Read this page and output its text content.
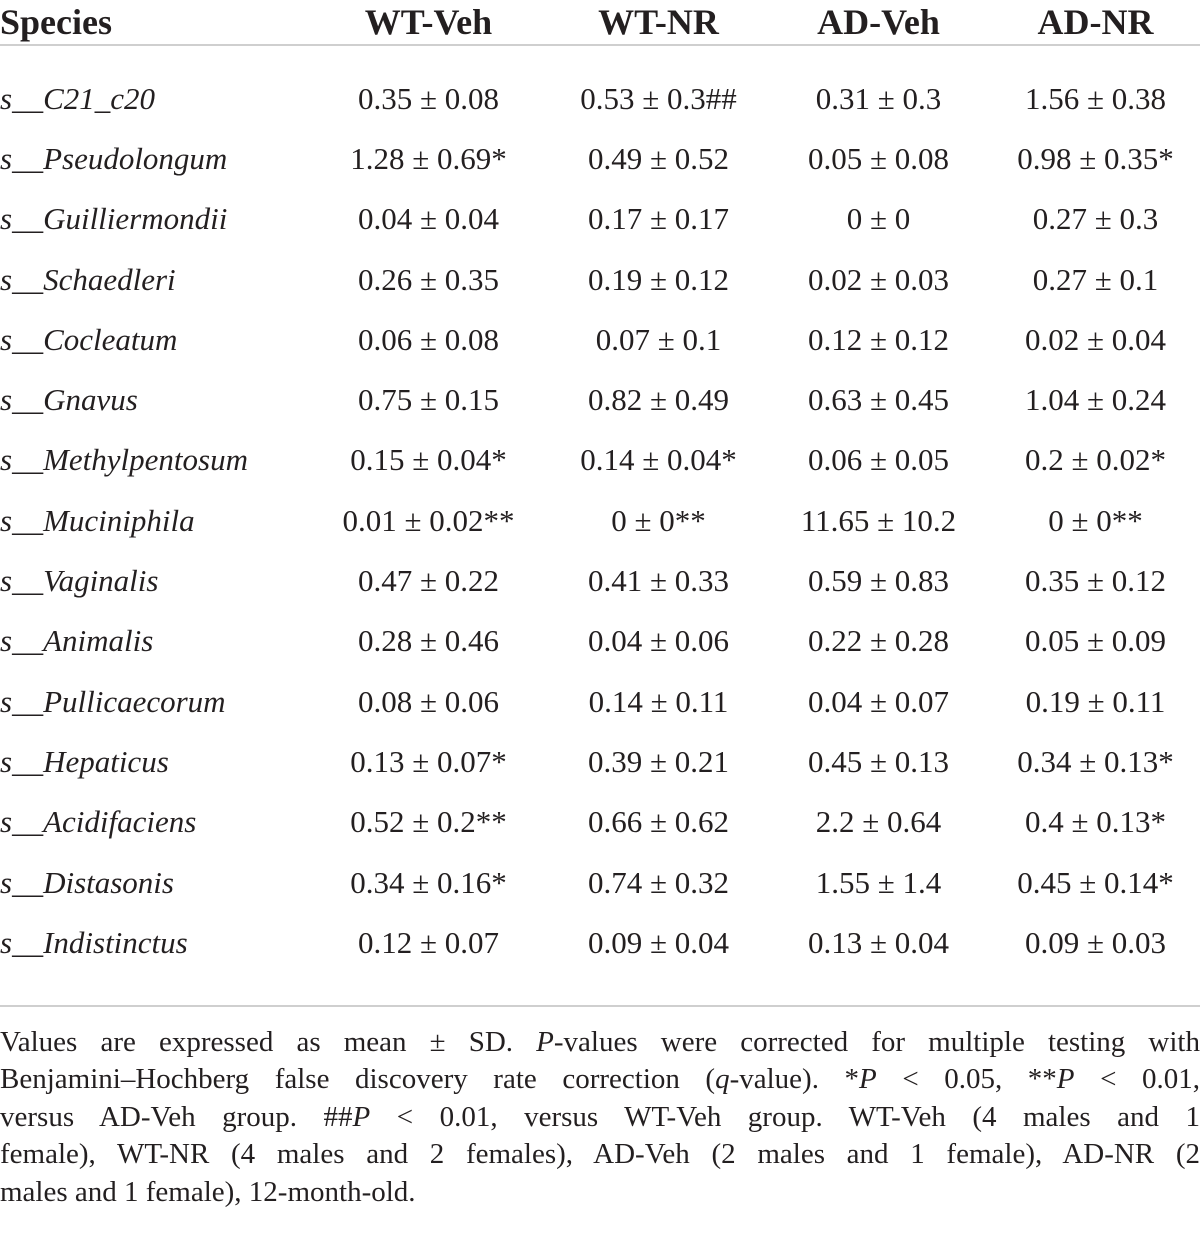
Species	WT-Veh	WT-NR	AD-Veh	AD-NR

s__C21_c20	0.35 ± 0.08	0.53 ± 0.3##	0.31 ± 0.3	1.56 ± 0.38
s__Pseudolongum	1.28 ± 0.69*	0.49 ± 0.52	0.05 ± 0.08	0.98 ± 0.35*
s__Guilliermondii	0.04 ± 0.04	0.17 ± 0.17	0 ± 0	0.27 ± 0.3
s__Schaedleri	0.26 ± 0.35	0.19 ± 0.12	0.02 ± 0.03	0.27 ± 0.1
s__Cocleatum	0.06 ± 0.08	0.07 ± 0.1	0.12 ± 0.12	0.02 ± 0.04
s__Gnavus	0.75 ± 0.15	0.82 ± 0.49	0.63 ± 0.45	1.04 ± 0.24
s__Methylpentosum	0.15 ± 0.04*	0.14 ± 0.04*	0.06 ± 0.05	0.2 ± 0.02*
s__Muciniphila	0.01 ± 0.02**	0 ± 0**	11.65 ± 10.2	0 ± 0**
s__Vaginalis	0.47 ± 0.22	0.41 ± 0.33	0.59 ± 0.83	0.35 ± 0.12
s__Animalis	0.28 ± 0.46	0.04 ± 0.06	0.22 ± 0.28	0.05 ± 0.09
s__Pullicaecorum	0.08 ± 0.06	0.14 ± 0.11	0.04 ± 0.07	0.19 ± 0.11
s__Hepaticus	0.13 ± 0.07*	0.39 ± 0.21	0.45 ± 0.13	0.34 ± 0.13*
s__Acidifaciens	0.52 ± 0.2**	0.66 ± 0.62	2.2 ± 0.64	0.4 ± 0.13*
s__Distasonis	0.34 ± 0.16*	0.74 ± 0.32	1.55 ± 1.4	0.45 ± 0.14*
s__Indistinctus	0.12 ± 0.07	0.09 ± 0.04	0.13 ± 0.04	0.09 ± 0.03
Values are expressed as mean ± SD. P-values were corrected for multiple testing with
Benjamini–Hochberg false discovery rate correction (q-value). *P < 0.05, **P < 0.01,
versus AD-Veh group. ##P < 0.01, versus WT-Veh group. WT-Veh (4 males and 1
female), WT-NR (4 males and 2 females), AD-Veh (2 males and 1 female), AD-NR (2
males and 1 female), 12-month-old.
